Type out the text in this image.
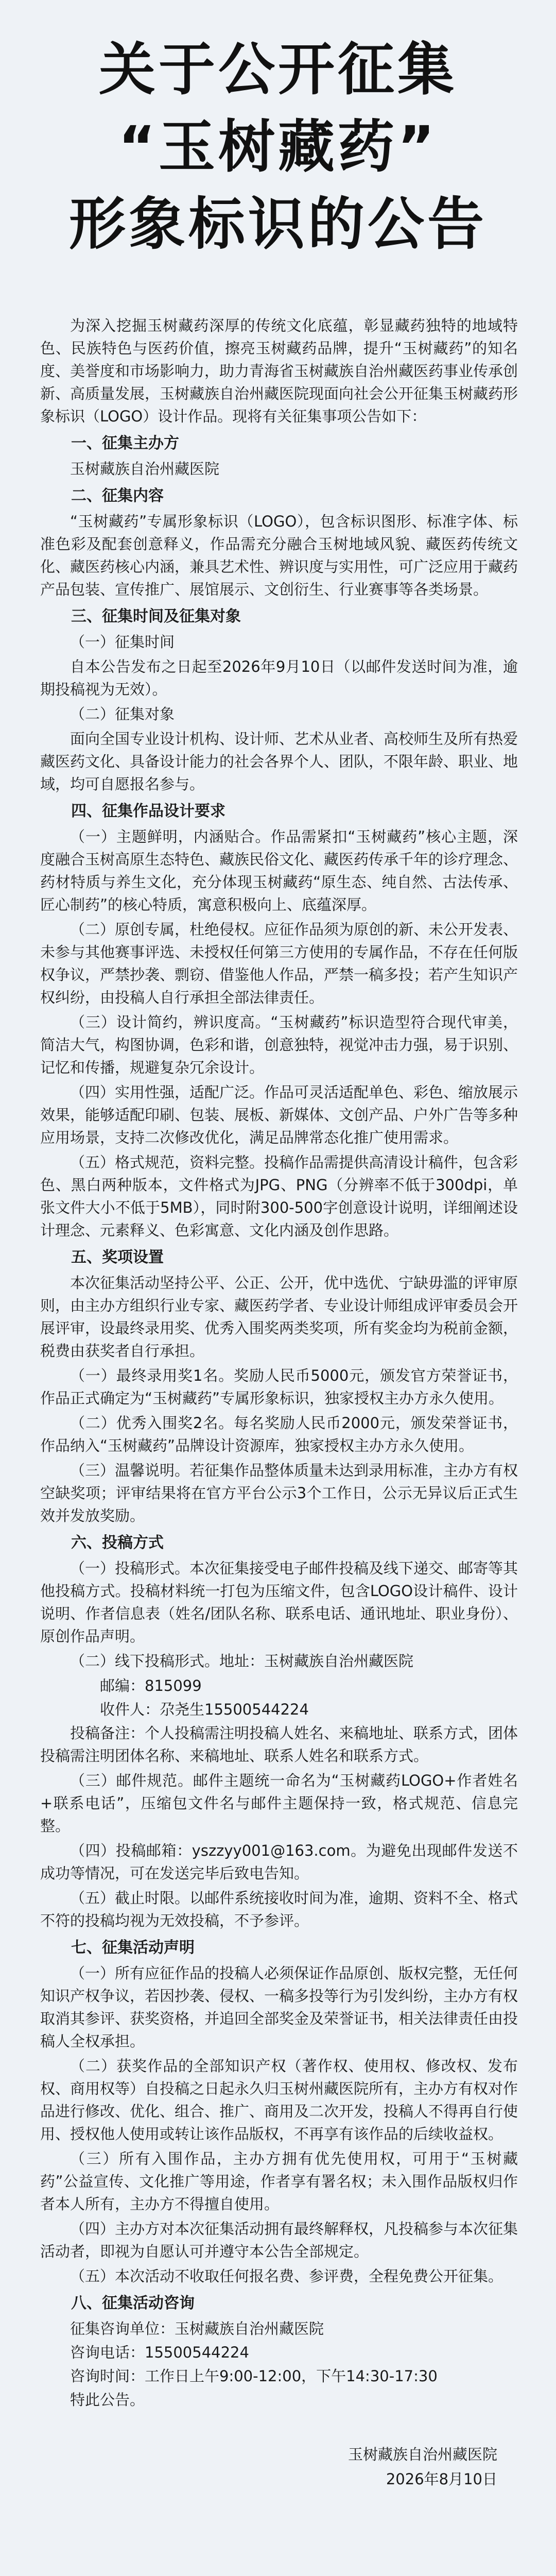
关于公开征集
“玉树藏药”
形象标识的公告

为深入挖掘玉树藏药深厚的传统文化底蕴，彰显藏药独特的地域特色、民族特色与医药价值，擦亮玉树藏药品牌，提升“玉树藏药”的知名度、美誉度和市场影响力，助力青海省玉树藏族自治州藏医药事业传承创新、高质量发展，玉树藏族自治州藏医院现面向社会公开征集玉树藏药形象标识（LOGO）设计作品。现将有关征集事项公告如下：

一、征集主办方
玉树藏族自治州藏医院
二、征集内容

“玉树藏药”专属形象标识（LOGO），包含标识图形、标准字体、标准色彩及配套创意释义，作品需充分融合玉树地域风貌、藏医药传统文化、藏医药核心内涵，兼具艺术性、辨识度与实用性，可广泛应用于藏药产品包装、宣传推广、展馆展示、文创衍生、行业赛事等各类场景。

三、征集时间及征集对象
（一）征集时间

自本公告发布之日起至2026年9月10日（以邮件发送时间为准，逾期投稿视为无效）。

（二）征集对象

面向全国专业设计机构、设计师、艺术从业者、高校师生及所有热爱藏医药文化、具备设计能力的社会各界个人、团队，不限年龄、职业、地域，均可自愿报名参与。

四、征集作品设计要求

（一）主题鲜明，内涵贴合。作品需紧扣“玉树藏药”核心主题，深度融合玉树高原生态特色、藏族民俗文化、藏医药传承千年的诊疗理念、药材特质与养生文化，充分体现玉树藏药“原生态、纯自然、古法传承、匠心制药”的核心特质，寓意积极向上、底蕴深厚。

（二）原创专属，杜绝侵权。应征作品须为原创的新、未公开发表、未参与其他赛事评选、未授权任何第三方使用的专属作品，不存在任何版权争议，严禁抄袭、剽窃、借鉴他人作品，严禁一稿多投；若产生知识产权纠纷，由投稿人自行承担全部法律责任。

（三）设计简约，辨识度高。“玉树藏药”标识造型符合现代审美，简洁大气，构图协调，色彩和谐，创意独特，视觉冲击力强，易于识别、记忆和传播，规避复杂冗余设计。

（四）实用性强，适配广泛。作品可灵活适配单色、彩色、缩放展示效果，能够适配印刷、包装、展板、新媒体、文创产品、户外广告等多种应用场景，支持二次修改优化，满足品牌常态化推广使用需求。

（五）格式规范，资料完整。投稿作品需提供高清设计稿件，包含彩色、黑白两种版本，文件格式为JPG、PNG（分辨率不低于300dpi，单张文件大小不低于5MB），同时附300-500字创意设计说明，详细阐述设计理念、元素释义、色彩寓意、文化内涵及创作思路。

五、奖项设置

本次征集活动坚持公平、公正、公开，优中选优、宁缺毋滥的评审原则，由主办方组织行业专家、藏医药学者、专业设计师组成评审委员会开展评审，设最终录用奖、优秀入围奖两类奖项，所有奖金均为税前金额，税费由获奖者自行承担。

（一）最终录用奖1名。奖励人民币5000元，颁发官方荣誉证书，作品正式确定为“玉树藏药”专属形象标识，独家授权主办方永久使用。

（二）优秀入围奖2名。每名奖励人民币2000元，颁发荣誉证书，作品纳入“玉树藏药”品牌设计资源库，独家授权主办方永久使用。

（三）温馨说明。若征集作品整体质量未达到录用标准，主办方有权空缺奖项；评审结果将在官方平台公示3个工作日，公示无异议后正式生效并发放奖励。

六、投稿方式

（一）投稿形式。本次征集接受电子邮件投稿及线下递交、邮寄等其他投稿方式。投稿材料统一打包为压缩文件，包含LOGO设计稿件、设计说明、作者信息表（姓名/团队名称、联系电话、通讯地址、职业身份）、原创作品声明。

（二）线下投稿形式。地址：玉树藏族自治州藏医院

邮编：815099
收件人：尕尧生15500544224

投稿备注：个人投稿需注明投稿人姓名、来稿地址、联系方式，团体投稿需注明团体名称、来稿地址、联系人姓名和联系方式。

（三）邮件规范。邮件主题统一命名为“玉树藏药LOGO+作者姓名+联系电话”，压缩包文件名与邮件主题保持一致，格式规范、信息完整。

（四）投稿邮箱：yszzyy001@163.com。为避免出现邮件发送不成功等情况，可在发送完毕后致电告知。

（五）截止时限。以邮件系统接收时间为准，逾期、资料不全、格式不符的投稿均视为无效投稿，不予参评。

七、征集活动声明

（一）所有应征作品的投稿人必须保证作品原创、版权完整，无任何知识产权争议，若因抄袭、侵权、一稿多投等行为引发纠纷，主办方有权取消其参评、获奖资格，并追回全部奖金及荣誉证书，相关法律责任由投稿人全权承担。

（二）获奖作品的全部知识产权（著作权、使用权、修改权、发布权、商用权等）自投稿之日起永久归玉树州藏医院所有，主办方有权对作品进行修改、优化、组合、推广、商用及二次开发，投稿人不得再自行使用、授权他人使用或转让该作品版权，不再享有该作品的后续收益权。

（三）所有入围作品，主办方拥有优先使用权，可用于“玉树藏药”公益宣传、文化推广等用途，作者享有署名权；未入围作品版权归作者本人所有，主办方不得擅自使用。

（四）主办方对本次征集活动拥有最终解释权，凡投稿参与本次征集活动者，即视为自愿认可并遵守本公告全部规定。

（五）本次活动不收取任何报名费、参评费，全程免费公开征集。

八、征集活动咨询
征集咨询单位：玉树藏族自治州藏医院
咨询电话：15500544224
咨询时间：工作日上午9:00-12:00，下午14:30-17:30
特此公告。
玉树藏族自治州藏医院
2026年8月10日
